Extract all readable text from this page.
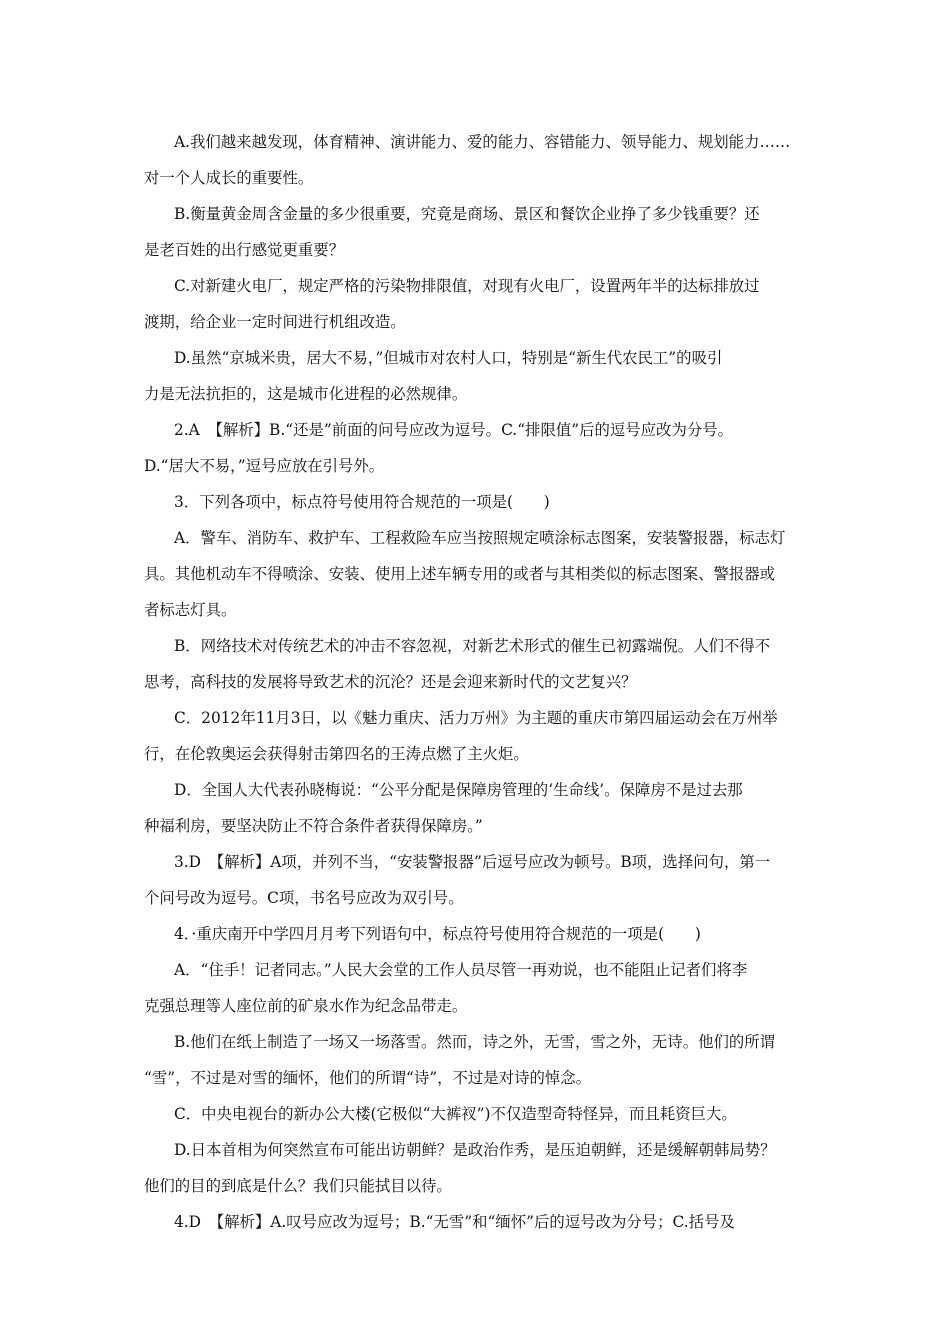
A.我们越来越发现，体育精神、演讲能力、爱的能力、容错能力、领导能力、规划能力……
对一个人成长的重要性。
B.衡量黄金周含金量的多少很重要，究竟是商场、景区和餐饮企业挣了多少钱重要？还
是老百姓的出行感觉更重要？
C.对新建火电厂，规定严格的污染物排限值，对现有火电厂，设置两年半的达标排放过
渡期，给企业一定时间进行机组改造。
D.虽然“京城米贵，居大不易，”但城市对农村人口，特别是“新生代农民工”的吸引
力是无法抗拒的，这是城市化进程的必然规律。
2.A　【解析】B.“还是”前面的问号应改为逗号。C.“排限值”后的逗号应改为分号。
D.“居大不易，”逗号应放在引号外。
3．下列各项中，标点符号使用符合规范的一项是(　　)
A．警车、消防车、救护车、工程救险车应当按照规定喷涂标志图案，安装警报器，标志灯
具。其他机动车不得喷涂、安装、使用上述车辆专用的或者与其相类似的标志图案、警报器或
者标志灯具。
B．网络技术对传统艺术的冲击不容忽视，对新艺术形式的催生已初露端倪。人们不得不
思考，高科技的发展将导致艺术的沉沦？还是会迎来新时代的文艺复兴？
C．2012年11月3日，以《魅力重庆、活力万州》为主题的重庆市第四届运动会在万州举
行，在伦敦奥运会获得射击第四名的王涛点燃了主火炬。
D．全国人大代表孙晓梅说：“公平分配是保障房管理的‘生命线’。保障房不是过去那
种福利房，要坚决防止不符合条件者获得保障房。”
3.D　【解析】A项，并列不当，“安装警报器”后逗号应改为顿号。B项，选择问句，第一
个问号改为逗号。C项，书名号应改为双引号。
4．·重庆南开中学四月月考下列语句中，标点符号使用符合规范的一项是(　　)
A．“住手！记者同志。”人民大会堂的工作人员尽管一再劝说，也不能阻止记者们将李
克强总理等人座位前的矿泉水作为纪念品带走。
B.他们在纸上制造了一场又一场落雪。然而，诗之外，无雪，雪之外，无诗。他们的所谓
“雪”，不过是对雪的缅怀，他们的所谓“诗”，不过是对诗的悼念。
C．中央电视台的新办公大楼(它极似“大裤衩”)不仅造型奇特怪异，而且耗资巨大。
D.日本首相为何突然宣布可能出访朝鲜？是政治作秀，是压迫朝鲜，还是缓解朝韩局势？
他们的目的到底是什么？我们只能拭目以待。
4.D　【解析】A.叹号应改为逗号；B.“无雪”和“缅怀”后的逗号改为分号；C.括号及
